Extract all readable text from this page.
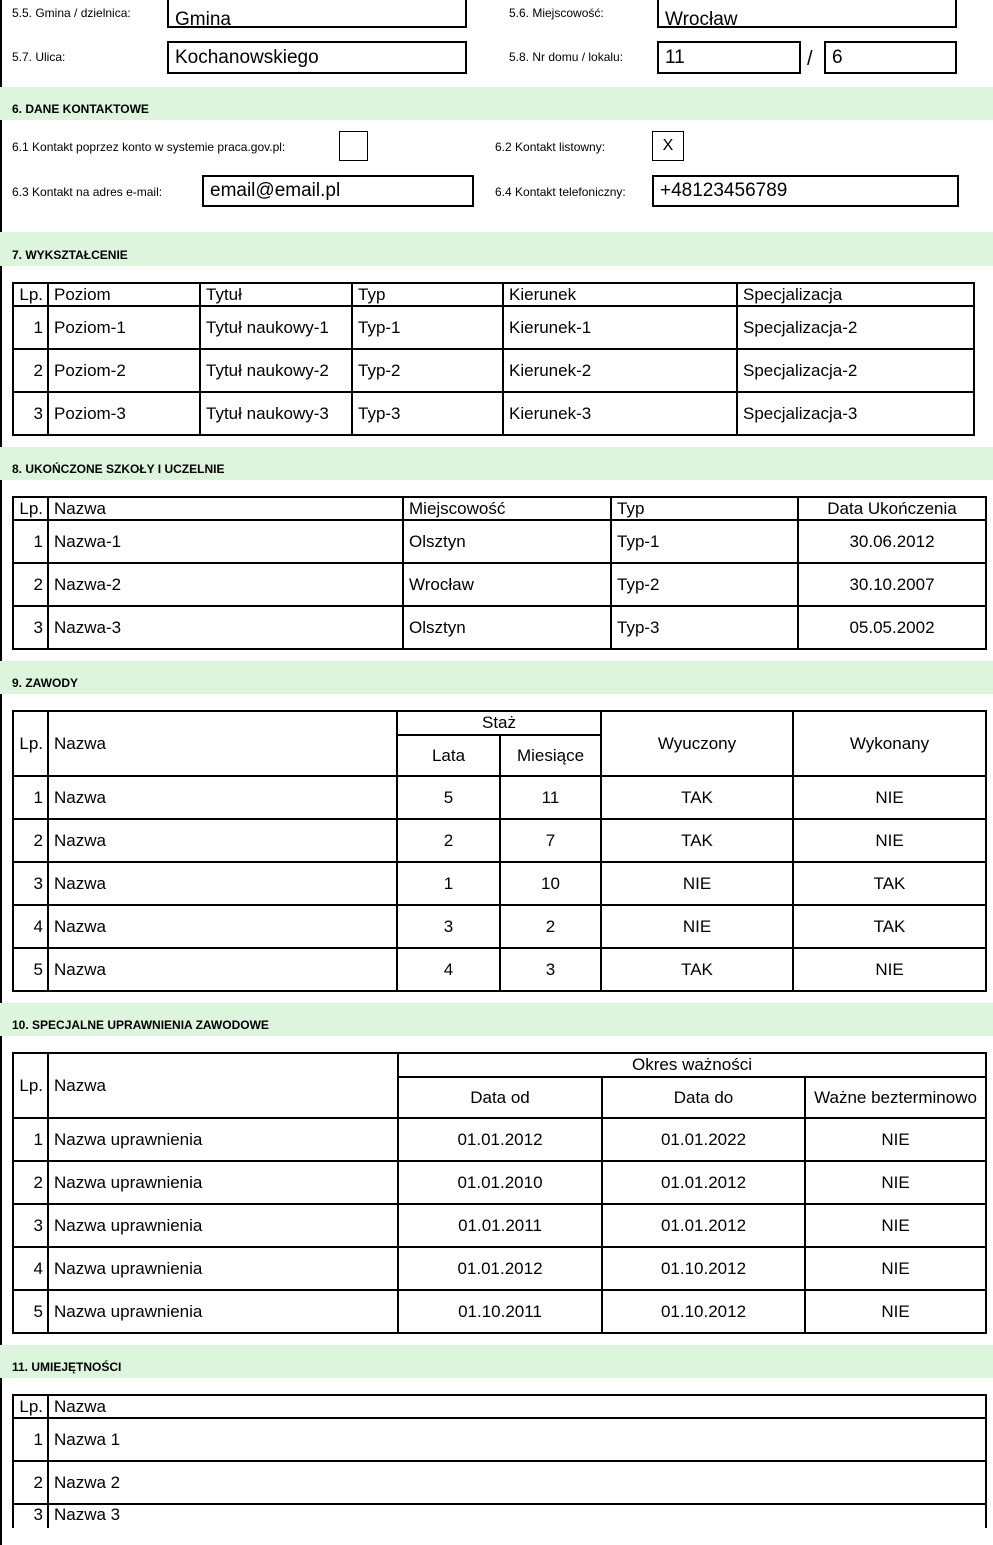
5.5. Gmina / dzielnica:	Gmina	5.6. Miejscowość:	Wrocław
5.7. Ulica:	Kochanowskiego	5.8. Nr domu / lokalu:	11	/	6
6. DANE KONTAKTOWE
6.1 Kontakt poprzez konto w systemie praca.gov.pl:	6.2 Kontakt listowny:	X
6.3 Kontakt na adres e-mail:	email@email.pl	6.4 Kontakt telefoniczny:	+48123456789
7. WYKSZTAŁCENIE
Lp.	Poziom	Tytuł	Typ	Kierunek	Specjalizacja
1	Poziom-1	Tytuł naukowy-1	Typ-1	Kierunek-1	Specjalizacja-2
2	Poziom-2	Tytuł naukowy-2	Typ-2	Kierunek-2	Specjalizacja-2
3	Poziom-3	Tytuł naukowy-3	Typ-3	Kierunek-3	Specjalizacja-3
8. UKOŃCZONE SZKOŁY I UCZELNIE
Lp.	Nazwa	Miejscowość	Typ	Data Ukończenia
1	Nazwa-1	Olsztyn	Typ-1	30.06.2012
2	Nazwa-2	Wrocław	Typ-2	30.10.2007
3	Nazwa-3	Olsztyn	Typ-3	05.05.2002
9. ZAWODY
Lp.	Nazwa	Staż		Wyuczony	Wykonany
		Lata	Miesiące		
1	Nazwa	5	11	TAK	NIE
2	Nazwa	2	7	TAK	NIE
3	Nazwa	1	10	NIE	TAK
4	Nazwa	3	2	NIE	TAK
5	Nazwa	4	3	TAK	NIE
10. SPECJALNE UPRAWNIENIA ZAWODOWE
Lp.	Nazwa	Okres ważności		
		Data od	Data do	Ważne bezterminowo
1	Nazwa uprawnienia	01.01.2012	01.01.2022	NIE
2	Nazwa uprawnienia	01.01.2010	01.01.2012	NIE
3	Nazwa uprawnienia	01.01.2011	01.01.2012	NIE
4	Nazwa uprawnienia	01.01.2012	01.10.2012	NIE
5	Nazwa uprawnienia	01.10.2011	01.10.2012	NIE
11. UMIEJĘTNOŚCI
Lp.	Nazwa
1	Nazwa 1
2	Nazwa 2
3	Nazwa 3
